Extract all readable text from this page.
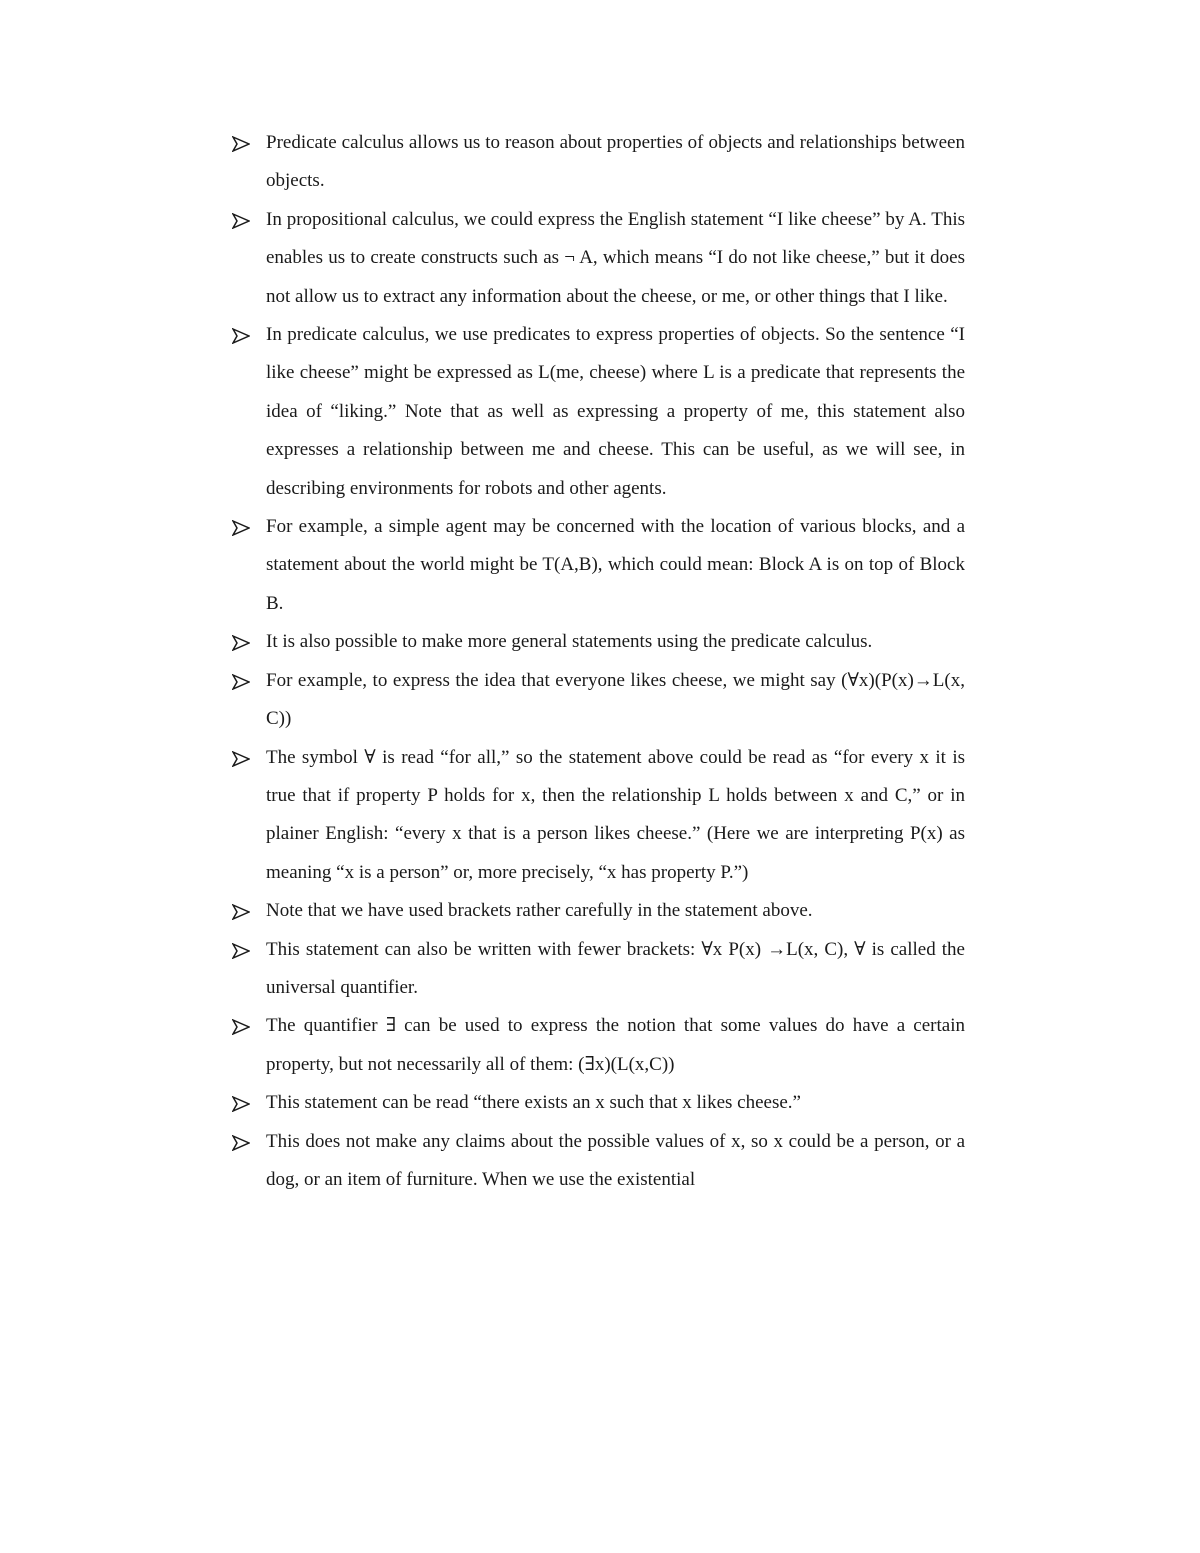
Predicate calculus allows us to reason about properties of objects and relationships between objects.
In propositional calculus, we could express the English statement “I like cheese” by A. This enables us to create constructs such as ¬ A, which means “I do not like cheese,” but it does not allow us to extract any information about the cheese, or me, or other things that I like.
In predicate calculus, we use predicates to express properties of objects. So the sentence “I like cheese” might be expressed as L(me, cheese) where L is a predicate that represents the idea of “liking.” Note that as well as expressing a property of me, this statement also expresses a relationship between me and cheese. This can be useful, as we will see, in describing environments for robots and other agents.
For example, a simple agent may be concerned with the location of various blocks, and a statement about the world might be T(A,B), which could mean: Block A is on top of Block B.
It is also possible to make more general statements using the predicate calculus.
For example, to express the idea that everyone likes cheese, we might say (∀x)(P(x)→L(x, C))
The symbol ∀ is read “for all,” so the statement above could be read as “for every x it is true that if property P holds for x, then the relationship L holds between x and C,” or in plainer English: “every x that is a person likes cheese.” (Here we are interpreting P(x) as meaning “x is a person” or, more precisely, “x has property P.”)
Note that we have used brackets rather carefully in the statement above.
This statement can also be written with fewer brackets: ∀x P(x) →L(x, C), ∀ is called the universal quantifier.
The quantifier ∃ can be used to express the notion that some values do have a certain property, but not necessarily all of them: (∃x)(L(x,C))
This statement can be read “there exists an x such that x likes cheese.”
This does not make any claims about the possible values of x, so x could be a person, or a dog, or an item of furniture. When we use the existential
